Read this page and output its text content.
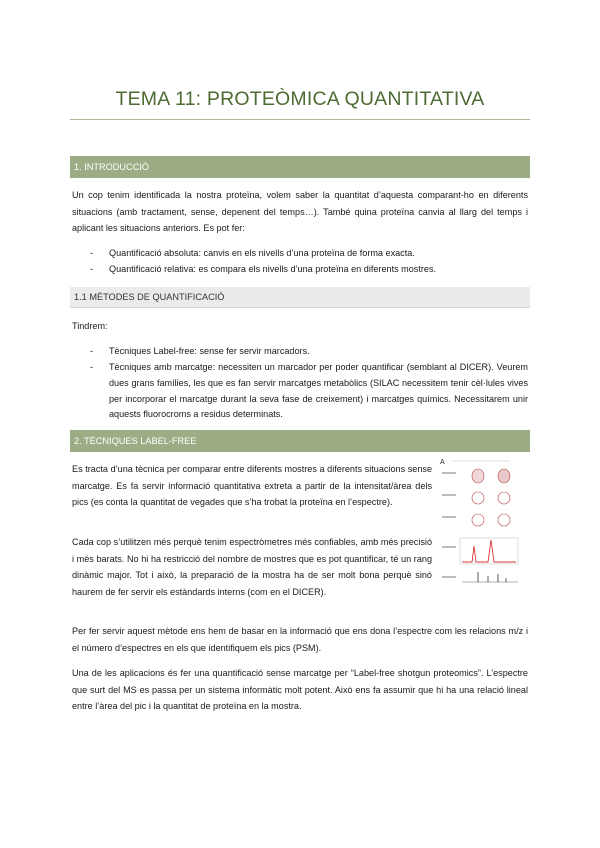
TEMA 11: PROTEÒMICA QUANTITATIVA
1. INTRODUCCIÓ
Un cop tenim identificada la nostra proteïna, volem saber la quantitat d’aquesta comparant-ho en diferents situacions (amb tractament, sense, depenent del temps…). També quina proteïna canvia al llarg del temps i aplicant les situacions anteriors. Es pot fer:
- Quantificació absoluta: canvis en els nivells d’una proteïna de forma exacta.
- Quantificació relativa: es compara els nivells d’una proteïna en diferents mostres.
1.1 MÈTODES DE QUANTIFICACIÓ
Tindrem:
- Tècniques Label-free: sense fer servir marcadors.
- Tècniques amb marcatge: necessiten un marcador per poder quantificar (semblant al DICER). Veurem dues grans famílies, les que es fan servir marcatges metabòlics (SILAC necessitem tenir cèl·lules vives per incorporar el marcatge durant la seva fase de creixement) i marcatges químics. Necessitarem unir aquests fluorocroms a residus determinats.
2. TÈCNIQUES LABEL-FREE
Es tracta d’una tècnica per comparar entre diferents mostres a diferents situacions sense marcatge. Es fa servir informació quantitativa extreta a partir de la intensitat/àrea dels pics (es conta la quantitat de vegades que s’ha trobat la proteïna en l’espectre).
Cada cop s’utilitzen més perquè tenim espectròmetres més confiables, amb més precisió i més barats. No hi ha restricció del nombre de mostres que es pot quantificar, té un rang dinàmic major. Tot i això, la preparació de la mostra ha de ser molt bona perquè sinó haurem de fer servir els estàndards interns (com en el DICER).
A
Per fer servir aquest mètode ens hem de basar en la informació que ens dona l’espectre com les relacions m/z i el número d’espectres en els que identifiquem els pics (PSM).
Una de les aplicacions és fer una quantificació sense marcatge per “Label-free shotgun proteomics”. L’espectre que surt del MS es passa per un sistema informàtic molt potent. Això ens fa assumir que hi ha una relació lineal entre l’àrea del pic i la quantitat de proteïna en la mostra.
